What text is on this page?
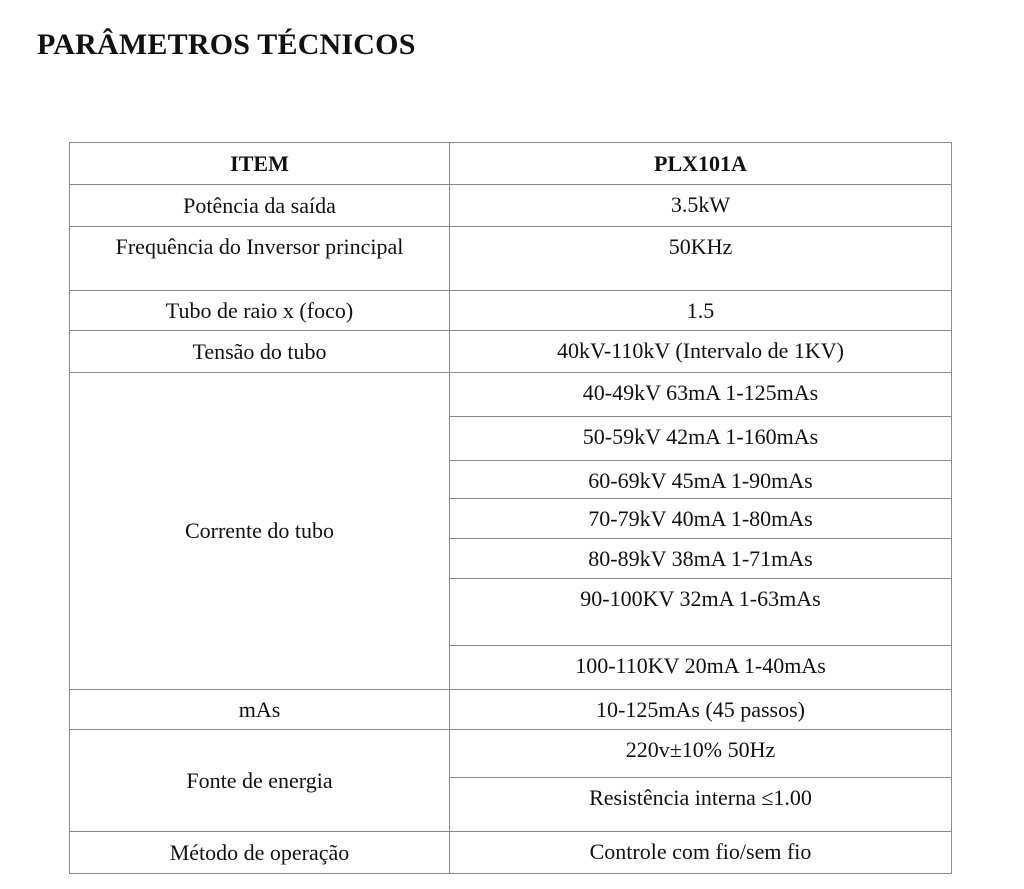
PARÂMETROS TÉCNICOS
ITEM	PLX101A
Potência da saída	3.5kW
Frequência do Inversor principal	50KHz
Tubo de raio x (foco)	1.5
Tensão do tubo	40kV-110kV (Intervalo de 1KV)
Corrente do tubo	40-49kV 63mA 1-125mAs
	50-59kV 42mA 1-160mAs
	60-69kV 45mA 1-90mAs
	70-79kV 40mA 1-80mAs
	80-89kV 38mA 1-71mAs
	90-100KV 32mA 1-63mAs
	100-110KV 20mA 1-40mAs
mAs	10-125mAs (45 passos)
Fonte de energia	220v±10% 50Hz
	Resistência interna ≤1.00
Método de operação	Controle com fio/sem fio
